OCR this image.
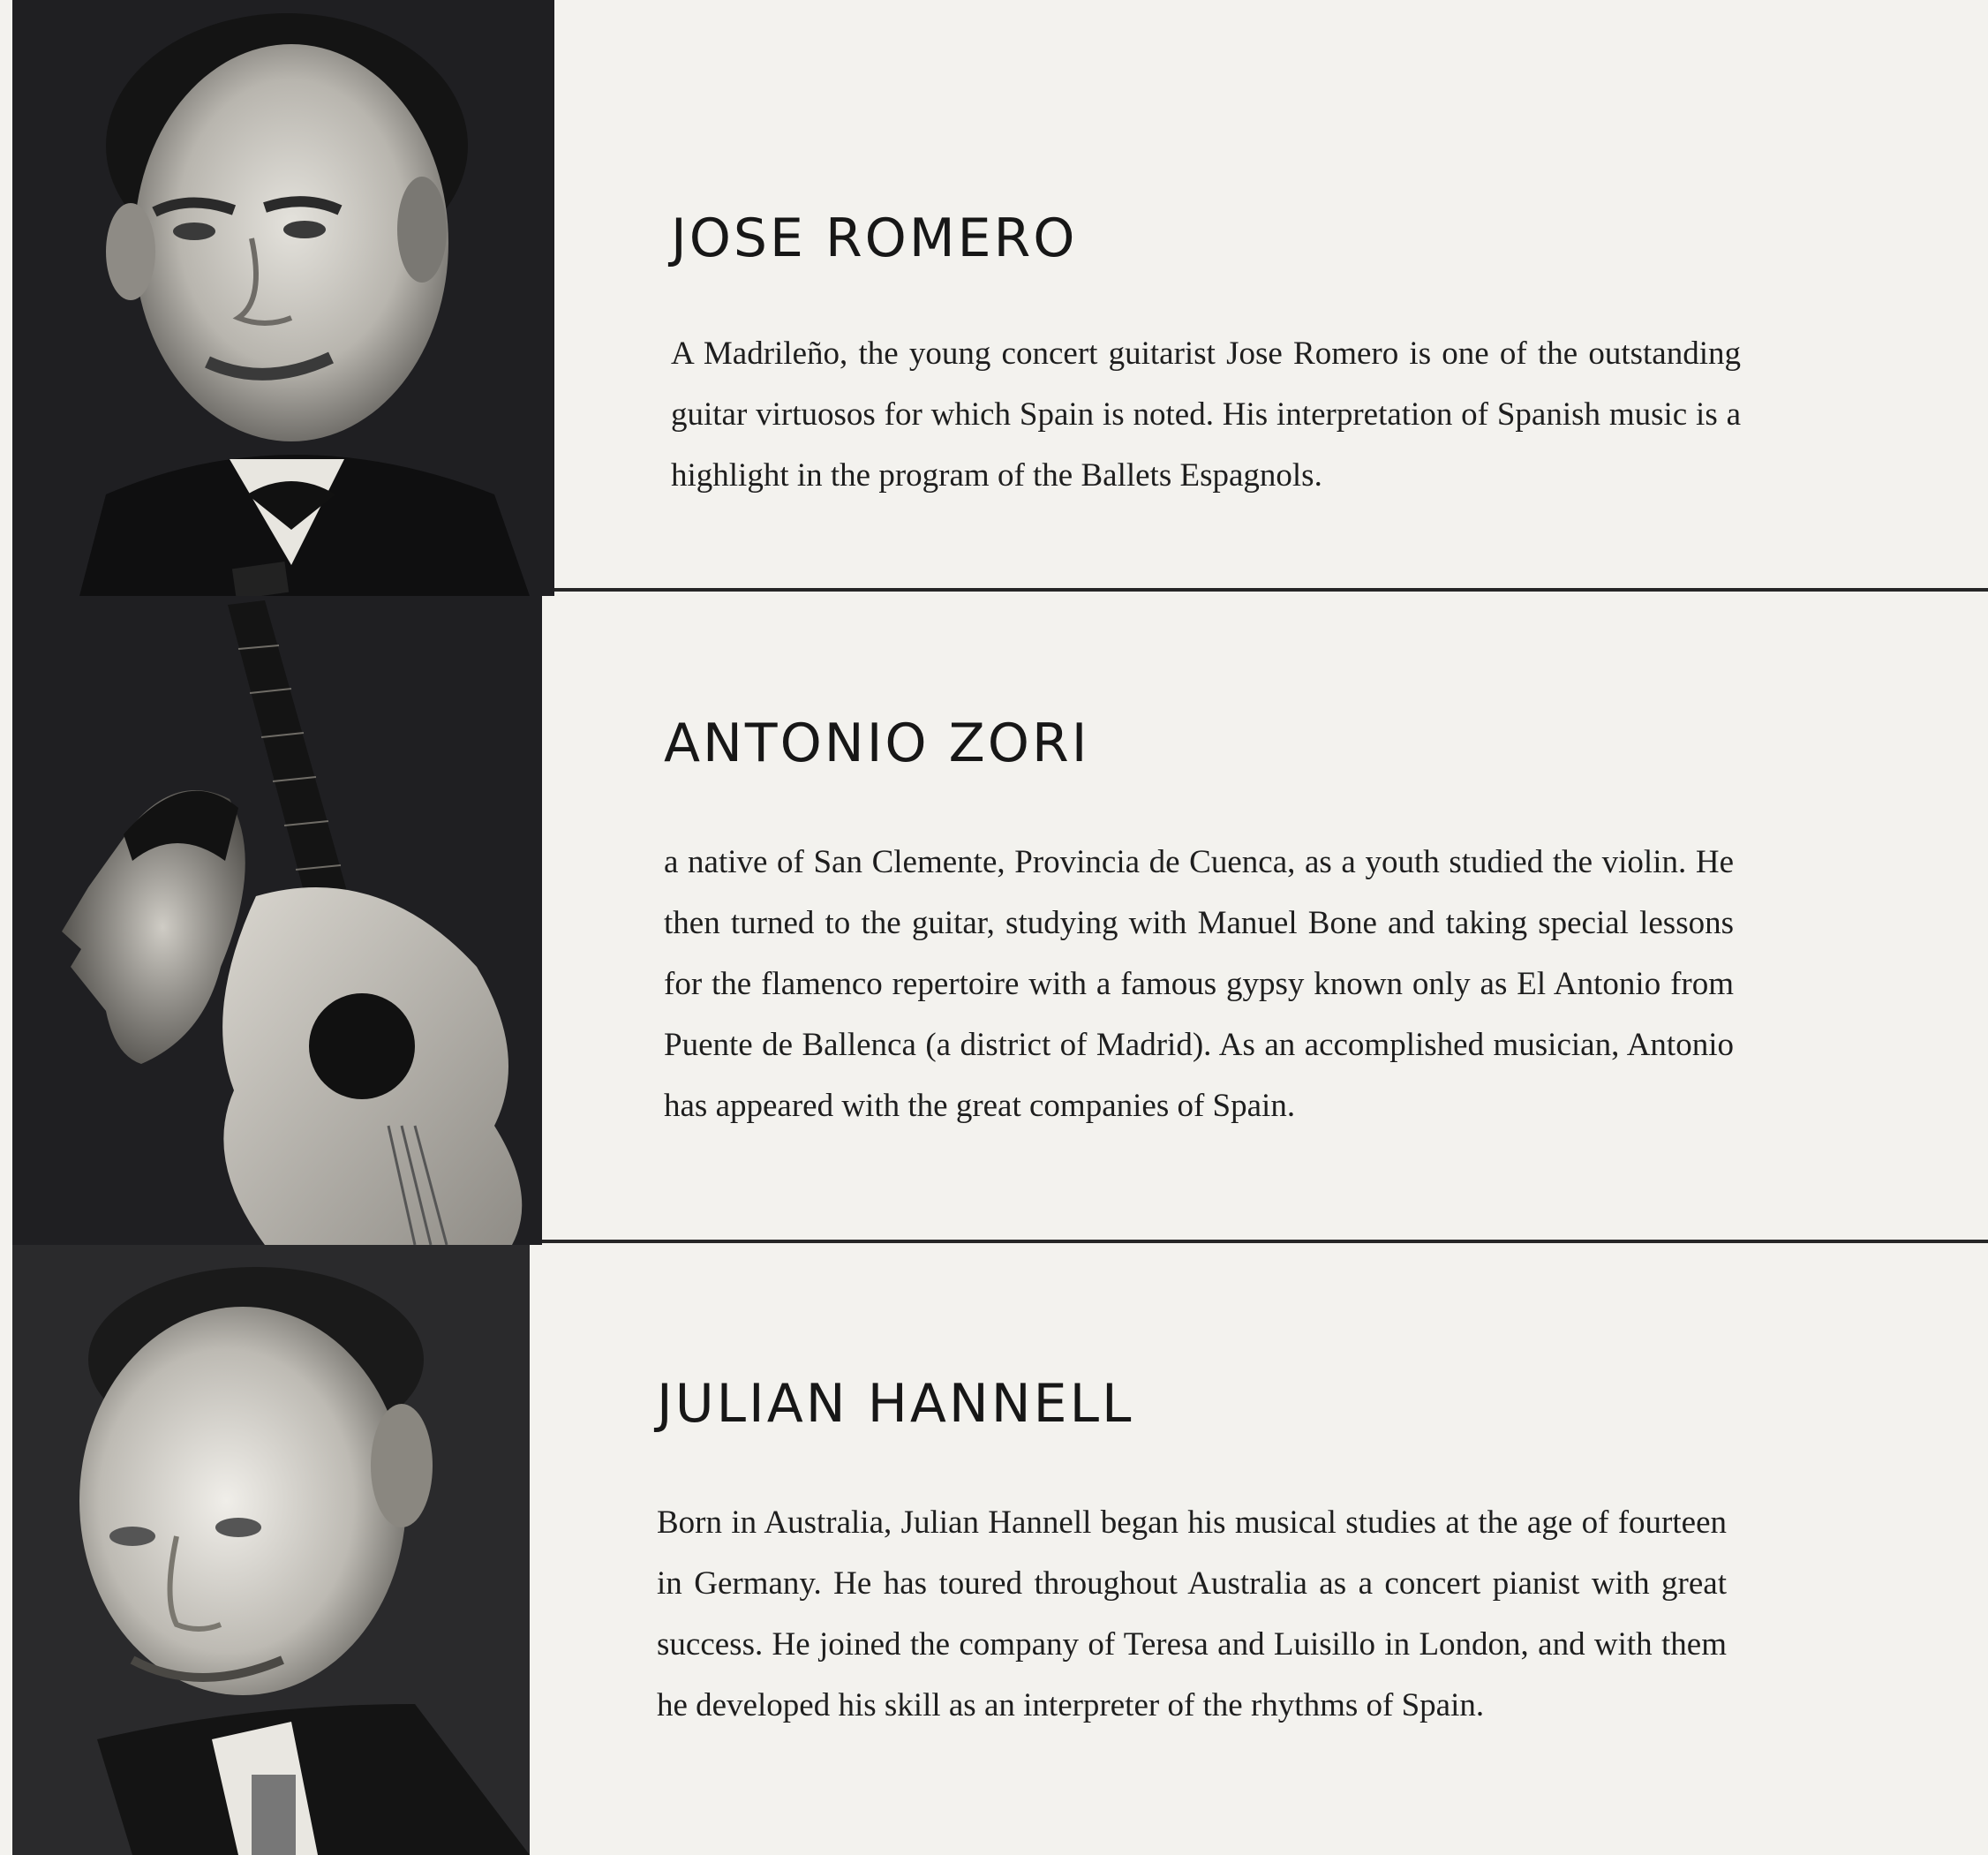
JOSE ROMERO

A Madrileño, the young concert guitarist Jose Romero is one of the outstanding guitar virtuosos for which Spain is noted. His interpretation of Spanish music is a highlight in the program of the Ballets Espagnols.

ANTONIO ZORI

a native of San Clemente, Provincia de Cuenca, as a youth studied the violin. He then turned to the guitar, studying with Manuel Bone and taking special lessons for the flamenco repertoire with a famous gypsy known only as El Antonio from Puente de Ballenca (a district of Madrid). As an accomplished musician, Antonio has appeared with the great companies of Spain.

JULIAN HANNELL

Born in Australia, Julian Hannell began his musical studies at the age of fourteen in Germany. He has toured throughout Australia as a concert pianist with great success. He joined the company of Teresa and Luisillo in London, and with them he developed his skill as an interpreter of the rhythms of Spain.
